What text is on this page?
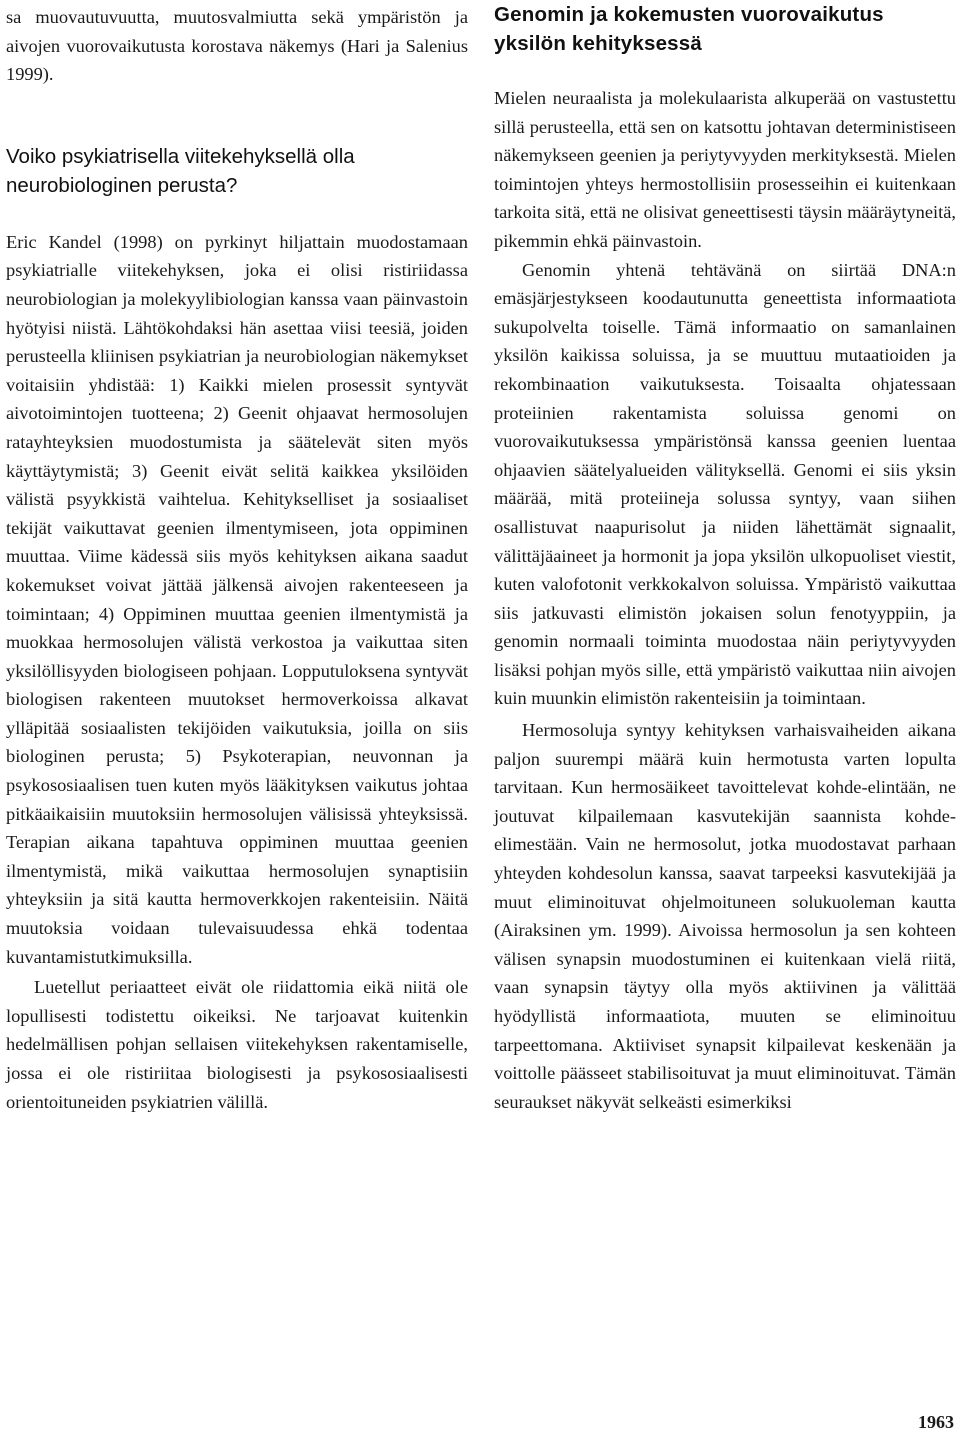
sa muovautuvuutta, muutosvalmiutta sekä ympäristön ja aivojen vuorovaikutusta korostava näkemys (Hari ja Salenius 1999).

Voiko psykiatrisella viitekehyksellä olla neurobiologinen perusta?

Eric Kandel (1998) on pyrkinyt hiljattain muodostamaan psykiatrialle viitekehyksen, joka ei olisi ristiriidassa neurobiologian ja molekyylibiologian kanssa vaan päinvastoin hyötyisi niistä. Lähtökohdaksi hän asettaa viisi teesiä, joiden perusteella kliinisen psykiatrian ja neurobiologian näkemykset voitaisiin yhdistää: 1) Kaikki mielen prosessit syntyvät aivotoimintojen tuotteena; 2) Geenit ohjaavat hermosolujen ratayhteyksien muodostumista ja säätelevät siten myös käyttäytymistä; 3) Geenit eivät selitä kaikkea yksilöiden välistä psyykkistä vaihtelua. Kehitykselliset ja sosiaaliset tekijät vaikuttavat geenien ilmentymiseen, jota oppiminen muuttaa. Viime kädessä siis myös kehityksen aikana saadut kokemukset voivat jättää jälkensä aivojen rakenteeseen ja toimintaan; 4) Oppiminen muuttaa geenien ilmentymistä ja muokkaa hermosolujen välistä verkostoa ja vaikuttaa siten yksilöllisyyden biologiseen pohjaan. Lopputuloksena syntyvät biologisen rakenteen muutokset hermoverkoissa alkavat ylläpitää sosiaalisten tekijöiden vaikutuksia, joilla on siis biologinen perusta; 5) Psykoterapian, neuvonnan ja psykososiaalisen tuen kuten myös lääkityksen vaikutus johtaa pitkäaikaisiin muutoksiin hermosolujen välisissä yhteyksissä. Terapian aikana tapahtuva oppiminen muuttaa geenien ilmentymistä, mikä vaikuttaa hermosolujen synaptisiin yhteyksiin ja sitä kautta hermoverkkojen rakenteisiin. Näitä muutoksia voidaan tulevaisuudessa ehkä todentaa kuvantamistutkimuksilla.

Luetellut periaatteet eivät ole riidattomia eikä niitä ole lopullisesti todistettu oikeiksi. Ne tarjoavat kuitenkin hedelmällisen pohjan sellaisen viitekehyksen rakentamiselle, jossa ei ole ristiriitaa biologisesti ja psykososiaalisesti orientoituneiden psykiatrien välillä.

Genomin ja kokemusten vuorovaikutus yksilön kehityksessä

Mielen neuraalista ja molekulaarista alkuperää on vastustettu sillä perusteella, että sen on katsottu johtavan deterministiseen näkemykseen geenien ja periytyvyyden merkityksestä. Mielen toimintojen yhteys hermostollisiin prosesseihin ei kuitenkaan tarkoita sitä, että ne olisivat geneettisesti täysin määräytyneitä, pikemmin ehkä päinvastoin.

Genomin yhtenä tehtävänä on siirtää DNA:n emäsjärjestykseen koodautunutta geneettista informaatiota sukupolvelta toiselle. Tämä informaatio on samanlainen yksilön kaikissa soluissa, ja se muuttuu mutaatioiden ja rekombinaation vaikutuksesta. Toisaalta ohjatessaan proteiinien rakentamista soluissa genomi on vuorovaikutuksessa ympäristönsä kanssa geenien luentaa ohjaavien säätelyalueiden välityksellä. Genomi ei siis yksin määrää, mitä proteiineja solussa syntyy, vaan siihen osallistuvat naapurisolut ja niiden lähettämät signaalit, välittäjäaineet ja hormonit ja jopa yksilön ulkopuoliset viestit, kuten valofotonit verkkokalvon soluissa. Ympäristö vaikuttaa siis jatkuvasti elimistön jokaisen solun fenotyyppiin, ja genomin normaali toiminta muodostaa näin periytyvyyden lisäksi pohjan myös sille, että ympäristö vaikuttaa niin aivojen kuin muunkin elimistön rakenteisiin ja toimintaan.

Hermosoluja syntyy kehityksen varhaisvaiheiden aikana paljon suurempi määrä kuin hermotusta varten lopulta tarvitaan. Kun hermosäikeet tavoittelevat kohde-elintään, ne joutuvat kilpailemaan kasvutekijän saannista kohde-elimestään. Vain ne hermosolut, jotka muodostavat parhaan yhteyden kohdesolun kanssa, saavat tarpeeksi kasvutekijää ja muut eliminoituvat ohjelmoituneen solukuoleman kautta (Airaksinen ym. 1999). Aivoissa hermosolun ja sen kohteen välisen synapsin muodostuminen ei kuitenkaan vielä riitä, vaan synapsin täytyy olla myös aktiivinen ja välittää hyödyllistä informaatiota, muuten se eliminoituu tarpeettomana. Aktiiviset synapsit kilpailevat keskenään ja voittolle päässeet stabilisoituvat ja muut eliminoituvat. Tämän seuraukset näkyvät selkeästi esimerkiksi

1963
